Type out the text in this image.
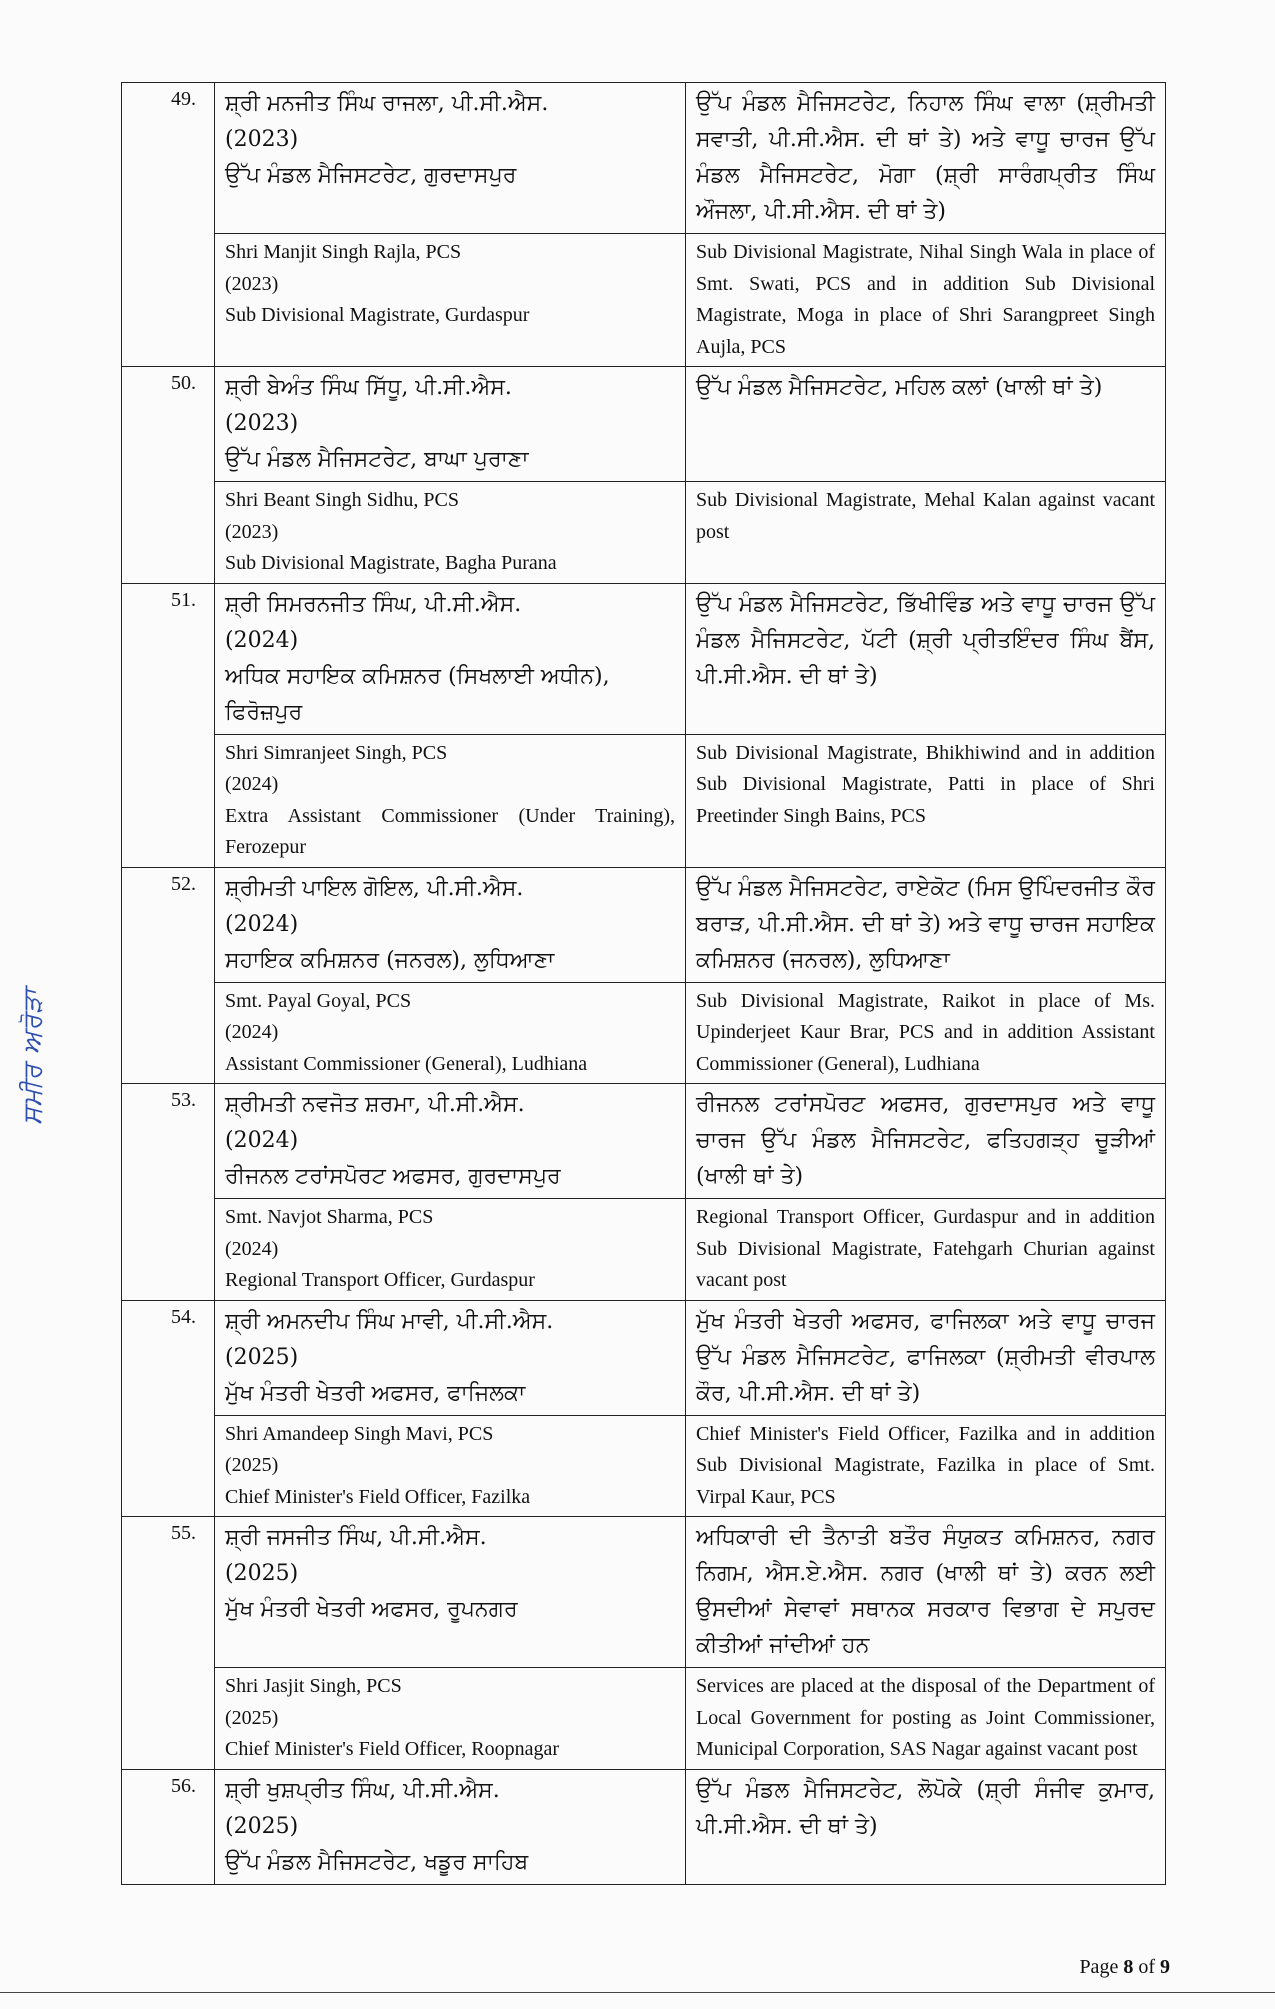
49.	ਸ਼੍ਰੀ ਮਨਜੀਤ ਸਿੰਘ ਰਾਜਲਾ, ਪੀ.ਸੀ.ਐਸ.
(2023)
ਉੱਪ ਮੰਡਲ ਮੈਜਿਸਟਰੇਟ, ਗੁਰਦਾਸਪੁਰ	ਉੱਪ ਮੰਡਲ ਮੈਜਿਸਟਰੇਟ, ਨਿਹਾਲ ਸਿੰਘ ਵਾਲਾ (ਸ਼੍ਰੀਮਤੀ ਸਵਾਤੀ, ਪੀ.ਸੀ.ਐਸ. ਦੀ ਥਾਂ ਤੇ) ਅਤੇ ਵਾਧੂ ਚਾਰਜ ਉੱਪ ਮੰਡਲ ਮੈਜਿਸਟਰੇਟ, ਮੋਗਾ (ਸ਼੍ਰੀ ਸਾਰੰਗਪ੍ਰੀਤ ਸਿੰਘ ਔਜਲਾ, ਪੀ.ਸੀ.ਐਸ. ਦੀ ਥਾਂ ਤੇ)

	Shri Manjit Singh Rajla, PCS
(2023)
Sub Divisional Magistrate, Gurdaspur	Sub Divisional Magistrate, Nihal Singh Wala in place of Smt. Swati, PCS and in addition Sub Divisional Magistrate, Moga in place of Shri Sarangpreet Singh Aujla, PCS
50.	ਸ਼੍ਰੀ ਬੇਅੰਤ ਸਿੰਘ ਸਿੱਧੂ, ਪੀ.ਸੀ.ਐਸ.
(2023)
ਉੱਪ ਮੰਡਲ ਮੈਜਿਸਟਰੇਟ, ਬਾਘਾ ਪੁਰਾਣਾ	ਉੱਪ ਮੰਡਲ ਮੈਜਿਸਟਰੇਟ, ਮਹਿਲ ਕਲਾਂ (ਖਾਲੀ ਥਾਂ ਤੇ)

	Shri Beant Singh Sidhu, PCS
(2023)
Sub Divisional Magistrate, Bagha Purana	Sub Divisional Magistrate, Mehal Kalan against vacant post
51.	ਸ਼੍ਰੀ ਸਿਮਰਨਜੀਤ ਸਿੰਘ, ਪੀ.ਸੀ.ਐਸ.
(2024)
ਅਧਿਕ ਸਹਾਇਕ ਕਮਿਸ਼ਨਰ (ਸਿਖਲਾਈ ਅਧੀਨ), ਫਿਰੋਜ਼ਪੁਰ	ਉੱਪ ਮੰਡਲ ਮੈਜਿਸਟਰੇਟ, ਭਿੱਖੀਵਿੰਡ ਅਤੇ ਵਾਧੂ ਚਾਰਜ ਉੱਪ ਮੰਡਲ ਮੈਜਿਸਟਰੇਟ, ਪੱਟੀ (ਸ਼੍ਰੀ ਪ੍ਰੀਤਇੰਦਰ ਸਿੰਘ ਬੈਂਸ, ਪੀ.ਸੀ.ਐਸ. ਦੀ ਥਾਂ ਤੇ)

	Shri Simranjeet Singh, PCS
(2024)
Extra Assistant Commissioner (Under Training), Ferozepur	Sub Divisional Magistrate, Bhikhiwind and in addition Sub Divisional Magistrate, Patti in place of Shri Preetinder Singh Bains, PCS
52.	ਸ਼੍ਰੀਮਤੀ ਪਾਇਲ ਗੋਇਲ, ਪੀ.ਸੀ.ਐਸ.
(2024)
ਸਹਾਇਕ ਕਮਿਸ਼ਨਰ (ਜਨਰਲ), ਲੁਧਿਆਣਾ	ਉੱਪ ਮੰਡਲ ਮੈਜਿਸਟਰੇਟ, ਰਾਏਕੋਟ (ਮਿਸ ਉਪਿੰਦਰਜੀਤ ਕੌਰ ਬਰਾੜ, ਪੀ.ਸੀ.ਐਸ. ਦੀ ਥਾਂ ਤੇ) ਅਤੇ ਵਾਧੂ ਚਾਰਜ ਸਹਾਇਕ ਕਮਿਸ਼ਨਰ (ਜਨਰਲ), ਲੁਧਿਆਣਾ

	Smt. Payal Goyal, PCS
(2024)
Assistant Commissioner (General), Ludhiana	Sub Divisional Magistrate, Raikot in place of Ms. Upinderjeet Kaur Brar, PCS and in addition Assistant Commissioner (General), Ludhiana
53.	ਸ਼੍ਰੀਮਤੀ ਨਵਜੋਤ ਸ਼ਰਮਾ, ਪੀ.ਸੀ.ਐਸ.
(2024)
ਰੀਜਨਲ ਟਰਾਂਸਪੋਰਟ ਅਫਸਰ, ਗੁਰਦਾਸਪੁਰ	ਰੀਜਨਲ ਟਰਾਂਸਪੋਰਟ ਅਫਸਰ, ਗੁਰਦਾਸਪੁਰ ਅਤੇ ਵਾਧੂ ਚਾਰਜ ਉੱਪ ਮੰਡਲ ਮੈਜਿਸਟਰੇਟ, ਫਤਿਹਗੜ੍ਹ ਚੂੜੀਆਂ (ਖਾਲੀ ਥਾਂ ਤੇ)

	Smt. Navjot Sharma, PCS
(2024)
Regional Transport Officer, Gurdaspur	Regional Transport Officer, Gurdaspur and in addition Sub Divisional Magistrate, Fatehgarh Churian against vacant post
54.	ਸ਼੍ਰੀ ਅਮਨਦੀਪ ਸਿੰਘ ਮਾਵੀ, ਪੀ.ਸੀ.ਐਸ.
(2025)
ਮੁੱਖ ਮੰਤਰੀ ਖੇਤਰੀ ਅਫਸਰ, ਫਾਜਿਲਕਾ	ਮੁੱਖ ਮੰਤਰੀ ਖੇਤਰੀ ਅਫਸਰ, ਫਾਜਿਲਕਾ ਅਤੇ ਵਾਧੂ ਚਾਰਜ ਉੱਪ ਮੰਡਲ ਮੈਜਿਸਟਰੇਟ, ਫਾਜਿਲਕਾ (ਸ਼੍ਰੀਮਤੀ ਵੀਰਪਾਲ ਕੌਰ, ਪੀ.ਸੀ.ਐਸ. ਦੀ ਥਾਂ ਤੇ)

	Shri Amandeep Singh Mavi, PCS
(2025)
Chief Minister's Field Officer, Fazilka	Chief Minister's Field Officer, Fazilka and in addition Sub Divisional Magistrate, Fazilka in place of Smt. Virpal Kaur, PCS
55.	ਸ਼੍ਰੀ ਜਸਜੀਤ ਸਿੰਘ, ਪੀ.ਸੀ.ਐਸ.
(2025)
ਮੁੱਖ ਮੰਤਰੀ ਖੇਤਰੀ ਅਫਸਰ, ਰੂਪਨਗਰ	ਅਧਿਕਾਰੀ ਦੀ ਤੈਨਾਤੀ ਬਤੌਰ ਸੰਯੁਕਤ ਕਮਿਸ਼ਨਰ, ਨਗਰ ਨਿਗਮ, ਐਸ.ਏ.ਐਸ. ਨਗਰ (ਖਾਲੀ ਥਾਂ ਤੇ) ਕਰਨ ਲਈ ਉਸਦੀਆਂ ਸੇਵਾਵਾਂ ਸਥਾਨਕ ਸਰਕਾਰ ਵਿਭਾਗ ਦੇ ਸਪੁਰਦ ਕੀਤੀਆਂ ਜਾਂਦੀਆਂ ਹਨ

	Shri Jasjit Singh, PCS
(2025)
Chief Minister's Field Officer, Roopnagar	Services are placed at the disposal of the Department of Local Government for posting as Joint Commissioner, Municipal Corporation, SAS Nagar against vacant post
56.	ਸ਼੍ਰੀ ਖੁਸ਼ਪ੍ਰੀਤ ਸਿੰਘ, ਪੀ.ਸੀ.ਐਸ.
(2025)
ਉੱਪ ਮੰਡਲ ਮੈਜਿਸਟਰੇਟ, ਖਡੂਰ ਸਾਹਿਬ	ਉੱਪ ਮੰਡਲ ਮੈਜਿਸਟਰੇਟ, ਲੋਪੋਕੇ (ਸ਼੍ਰੀ ਸੰਜੀਵ ਕੁਮਾਰ, ਪੀ.ਸੀ.ਐਸ. ਦੀ ਥਾਂ ਤੇ)
ਸਮੀਰ ਅਰੋੜਾ
Page 8 of 9
